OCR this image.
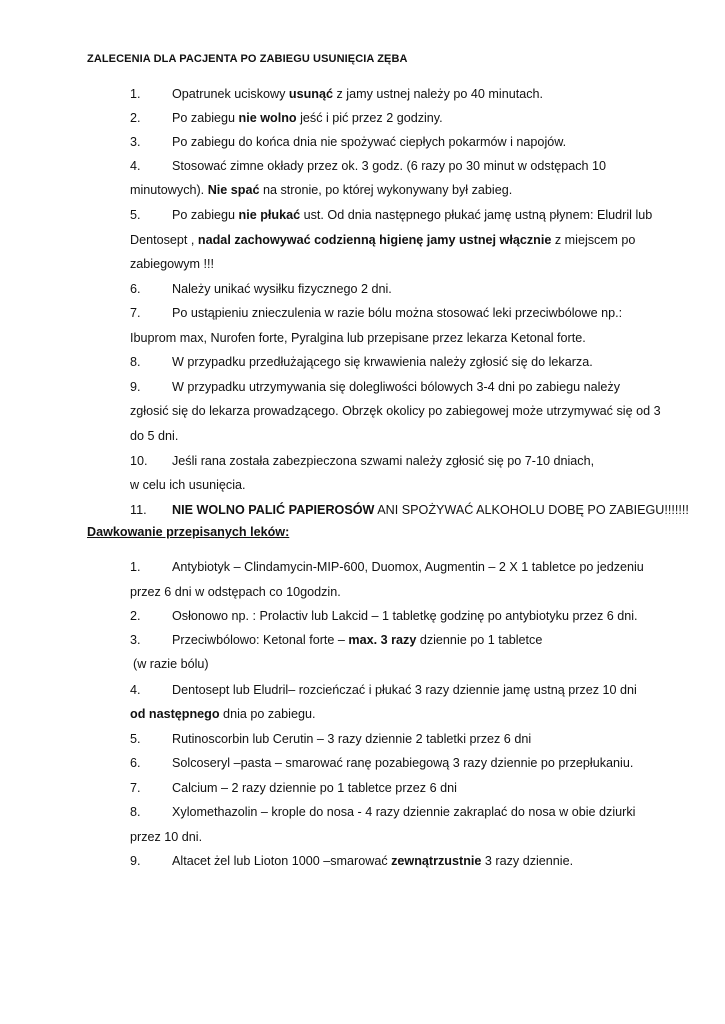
ZALECENIA DLA PACJENTA PO ZABIEGU USUNIĘCIA ZĘBA
1. Opatrunek uciskowy usunąć z jamy ustnej należy po 40 minutach.
2. Po zabiegu nie wolno jeść i pić przez 2 godziny.
3. Po zabiegu do końca dnia nie spożywać ciepłych pokarmów i napojów.
4. Stosować zimne okłady przez ok. 3 godz. (6 razy po 30 minut w odstępach 10
minutowych). Nie spać na stronie, po której wykonywany był zabieg.
5. Po zabiegu nie płukać ust. Od dnia następnego płukać jamę ustną płynem: Eludril lub
Dentosept , nadal zachowywać codzienną higienę jamy ustnej włącznie z miejscem po
zabiegowym !!!
6. Należy unikać wysiłku fizycznego 2 dni.
7. Po ustąpieniu znieczulenia w razie bólu można stosować leki przeciwbólowe np.:
Ibuprom max, Nurofen forte, Pyralgina lub przepisane przez lekarza Ketonal forte.
8. W przypadku przedłużającego się krwawienia należy zgłosić się do lekarza.
9. W przypadku utrzymywania się dolegliwości bólowych 3-4 dni po zabiegu należy
zgłosić się do lekarza prowadzącego. Obrzęk okolicy po zabiegowej może utrzymywać się od 3
do 5 dni.
10. Jeśli rana została zabezpieczona szwami należy zgłosić się po 7-10 dniach,
w celu ich usunięcia.
11. NIE WOLNO PALIĆ PAPIEROSÓW ANI SPOŻYWAĆ ALKOHOLU DOBĘ PO ZABIEGU!!!!!!!
Dawkowanie przepisanych leków:
1. Antybiotyk – Clindamycin-MIP-600, Duomox, Augmentin – 2 X 1 tabletce po jedzeniu
przez 6 dni w odstępach co 10godzin.
2. Osłonowo np. : Prolactiv lub Lakcid – 1 tabletkę godzinę po antybiotyku przez 6 dni.
3. Przeciwbólowo: Ketonal forte – max. 3 razy dziennie po 1 tabletce
(w razie bólu)
4. Dentosept lub Eludril– rozcieńczać i płukać 3 razy dziennie jamę ustną przez 10 dni
od następnego dnia po zabiegu.
5. Rutinoscorbin lub Cerutin – 3 razy dziennie 2 tabletki przez 6 dni
6. Solcoseryl –pasta – smarować ranę pozabiegową 3 razy dziennie po przepłukaniu.
7. Calcium – 2 razy dziennie po 1 tabletce przez 6 dni
8. Xylomethazolin – krople do nosa - 4 razy dziennie zakraplać do nosa w obie dziurki
przez 10 dni.
9. Altacet żel lub Lioton 1000 –smarować zewnątrzustnie 3 razy dziennie.
